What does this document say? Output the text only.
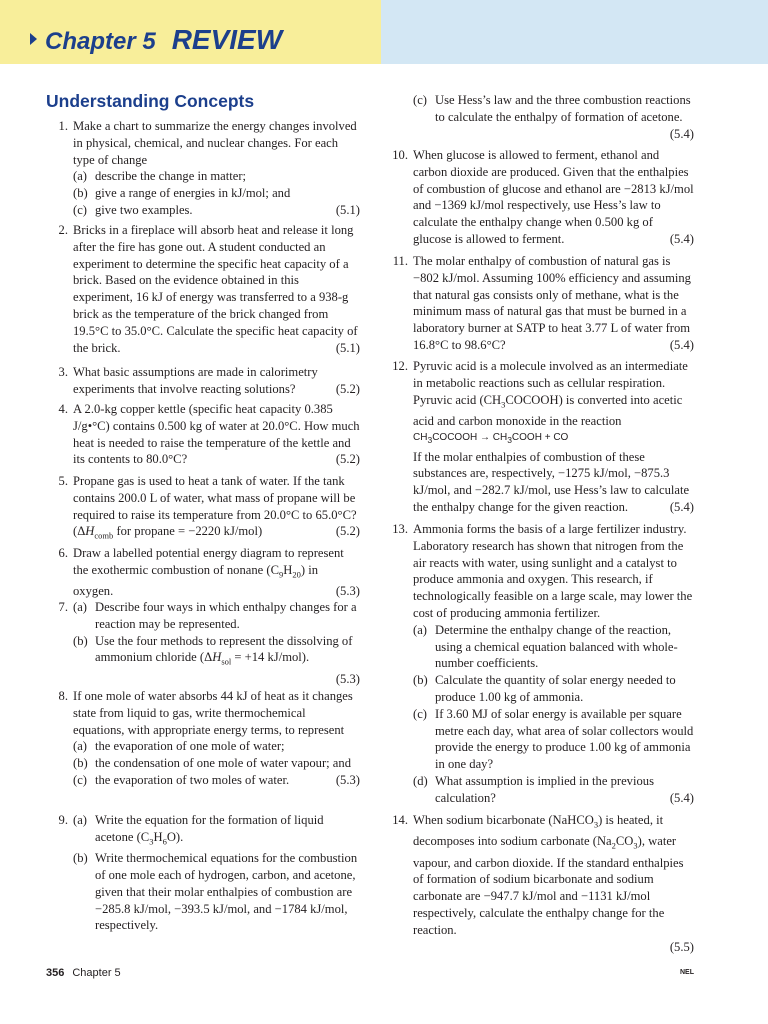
Chapter 5 REVIEW
Understanding Concepts
1. Make a chart to summarize the energy changes involved in physical, chemical, and nuclear changes. For each type of change
(a) describe the change in matter;
(b) give a range of energies in kJ/mol; and
(c) give two examples.	(5.1)
2. Bricks in a fireplace will absorb heat and release it long after the fire has gone out. A student conducted an experiment to determine the specific heat capacity of a brick. Based on the evidence obtained in this experiment, 16 kJ of energy was transferred to a 938-g brick as the temperature of the brick changed from 19.5°C to 35.0°C. Calculate the specific heat capacity of the brick.	(5.1)
3. What basic assumptions are made in calorimetry experiments that involve reacting solutions?	(5.2)
4. A 2.0-kg copper kettle (specific heat capacity 0.385 J/g•°C) contains 0.500 kg of water at 20.0°C. How much heat is needed to raise the temperature of the kettle and its contents to 80.0°C?	(5.2)
5. Propane gas is used to heat a tank of water. If the tank contains 200.0 L of water, what mass of propane will be required to raise its temperature from 20.0°C to 65.0°C? ($\Delta H_{comb}$ for propane = −2220 kJ/mol)	(5.2)
6. Draw a labelled potential energy diagram to represent the exothermic combustion of nonane $(C_9H_{20})$ in oxygen.	(5.3)
7. (a) Describe four ways in which enthalpy changes for a reaction may be represented.
(b) Use the four methods to represent the dissolving of ammonium chloride ($\Delta H_{sol} = +14$ kJ/mol).
(5.3)
8. If one mole of water absorbs 44 kJ of heat as it changes state from liquid to gas, write thermochemical equations, with appropriate energy terms, to represent
(a) the evaporation of one mole of water;
(b) the condensation of one mole of water vapour; and
(c) the evaporation of two moles of water.	(5.3)
9. (a) Write the equation for the formation of liquid acetone $(C_3H_6O)$.
(b) Write thermochemical equations for the combustion of one mole each of hydrogen, carbon, and acetone, given that their molar enthalpies of combustion are −285.8 kJ/mol, −393.5 kJ/mol, and −1784 kJ/mol, respectively.
(c) Use Hess’s law and the three combustion reactions to calculate the enthalpy of formation of acetone.
(5.4)
10. When glucose is allowed to ferment, ethanol and carbon dioxide are produced. Given that the enthalpies of combustion of glucose and ethanol are −2813 kJ/mol and −1369 kJ/mol respectively, use Hess’s law to calculate the enthalpy change when 0.500 kg of glucose is allowed to ferment.	(5.4)
11. The molar enthalpy of combustion of natural gas is −802 kJ/mol. Assuming 100% efficiency and assuming that natural gas consists only of methane, what is the minimum mass of natural gas that must be burned in a laboratory burner at SATP to heat 3.77 L of water from 16.8°C to 98.6°C?	(5.4)
12. Pyruvic acid is a molecule involved as an intermediate in metabolic reactions such as cellular respiration. Pyruvic acid $(CH_3COCOOH)$ is converted into acetic acid and carbon monoxide in the reaction
$CH_3COCOOH$ → $CH_3COOH$ + CO
If the molar enthalpies of combustion of these substances are, respectively, −1275 kJ/mol, −875.3 kJ/mol, and −282.7 kJ/mol, use Hess’s law to calculate the enthalpy change for the given reaction.	(5.4)
13. Ammonia forms the basis of a large fertilizer industry. Laboratory research has shown that nitrogen from the air reacts with water, using sunlight and a catalyst to produce ammonia and oxygen. This research, if technologically feasible on a large scale, may lower the cost of producing ammonia fertilizer.
(a) Determine the enthalpy change of the reaction, using a chemical equation balanced with whole-number coefficients.
(b) Calculate the quantity of solar energy needed to produce 1.00 kg of ammonia.
(c) If 3.60 MJ of solar energy is available per square metre each day, what area of solar collectors would provide the energy to produce 1.00 kg of ammonia in one day?
(d) What assumption is implied in the previous calculation?	(5.4)
14. When sodium bicarbonate (NaHCO$_3$) is heated, it decomposes into sodium carbonate $(Na_2CO_3)$, water vapour, and carbon dioxide. If the standard enthalpies of formation of sodium bicarbonate and sodium carbonate are −947.7 kJ/mol and −1131 kJ/mol respectively, calculate the enthalpy change for the reaction.
(5.5)
356 Chapter 5	NEL
